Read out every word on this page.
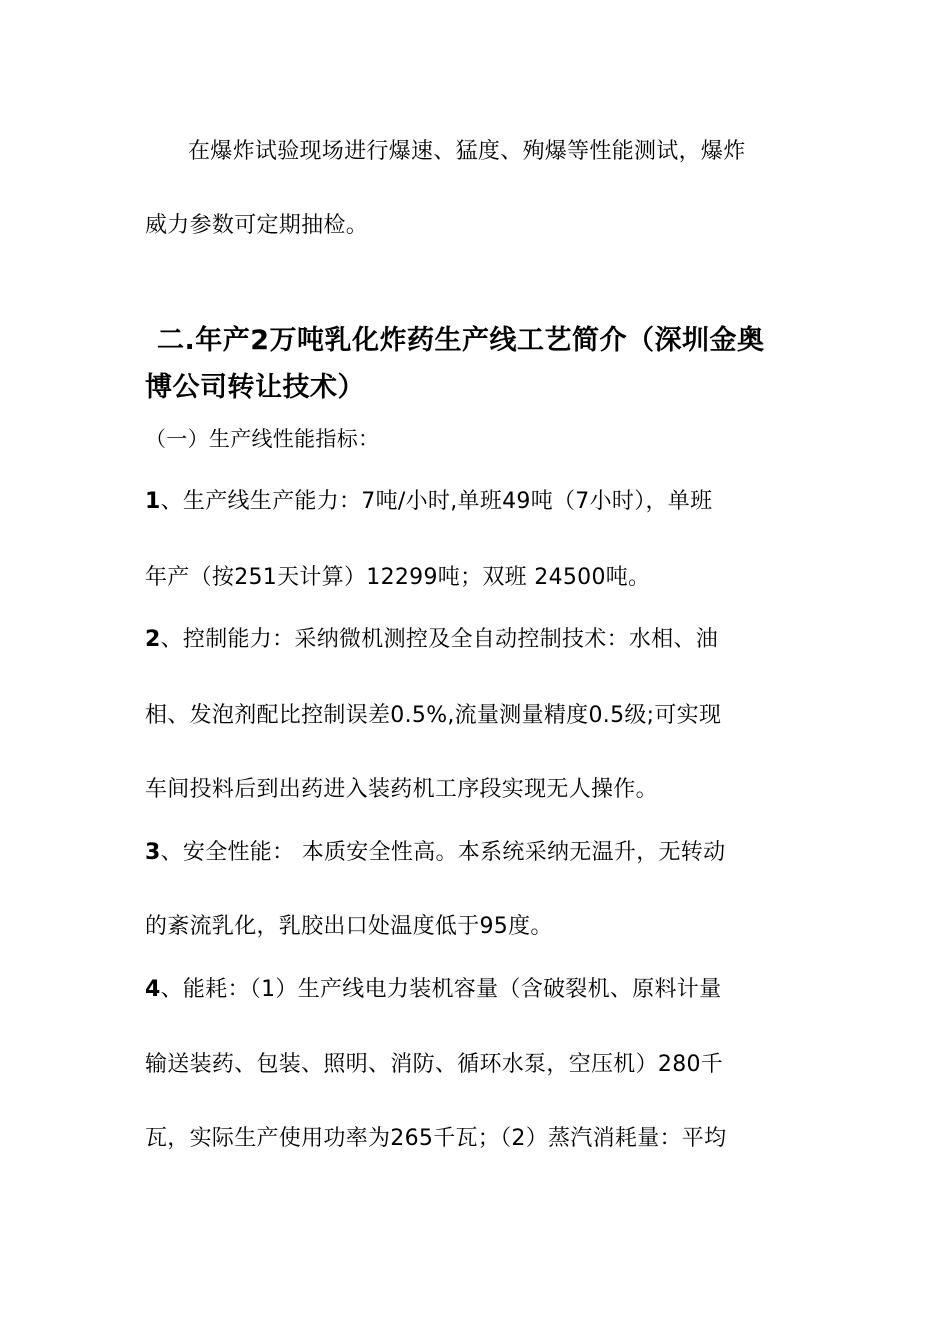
在爆炸试验现场进行爆速、猛度、殉爆等性能测试，爆炸
威力参数可定期抽检。
二.年产2万吨乳化炸药生产线工艺简介（深圳金奥
博公司转让技术）
（一）生产线性能指标：
1、生产线生产能力：7吨/小时,单班49吨（7小时），单班
年产（按251天计算）12299吨；双班 24500吨。
2、控制能力：采纳微机测控及全自动控制技术：水相、油
相、发泡剂配比控制误差0.5%,流量测量精度0.5级;可实现
车间投料后到出药进入装药机工序段实现无人操作。
3、安全性能： 本质安全性高。本系统采纳无温升，无转动
的紊流乳化，乳胶出口处温度低于95度。
4、能耗：（1）生产线电力装机容量（含破裂机、原料计量
输送装药、包装、照明、消防、循环水泵，空压机）280千
瓦，实际生产使用功率为265千瓦；（2）蒸汽消耗量：平均
